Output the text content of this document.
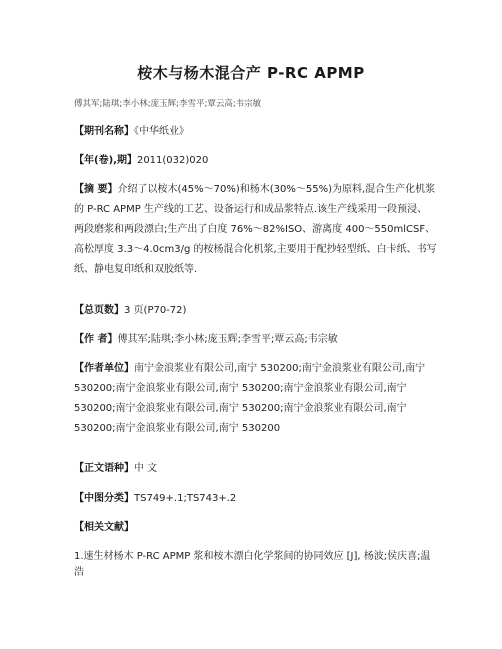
桉木与杨木混合产 P-RC APMP
傅其军;陆琪;李小林;庞玉辉;李雪平;覃云高;韦宗敏
【期刊名称】《中华纸业》
【年(卷),期】2011(032)020
【摘 要】介绍了以桉木(45%～70%)和杨木(30%～55%)为原料,混合生产化机浆
的 P-RC APMP 生产线的工艺、设备运行和成品浆特点.该生产线采用一段预浸、
两段磨浆和两段漂白;生产出了白度 76%～82%ISO、游离度 400～550mlCSF、
高松厚度 3.3～4.0cm3/g 的桉杨混合化机浆,主要用于配抄轻型纸、白卡纸、书写
纸、静电复印纸和双胶纸等.
【总页数】3 页(P70-72)
【作 者】傅其军;陆琪;李小林;庞玉辉;李雪平;覃云高;韦宗敏
【作者单位】南宁金浪浆业有限公司,南宁 530200;南宁金浪浆业有限公司,南宁
530200;南宁金浪浆业有限公司,南宁 530200;南宁金浪浆业有限公司,南宁
530200;南宁金浪浆业有限公司,南宁 530200;南宁金浪浆业有限公司,南宁
530200;南宁金浪浆业有限公司,南宁 530200
【正文语种】中 文
【中图分类】TS749+.1;TS743+.2
【相关文献】
1.速生材杨木 P-RC APMP 浆和桉木漂白化学浆间的协同效应 [J], 杨波;侯庆喜;温
浩
